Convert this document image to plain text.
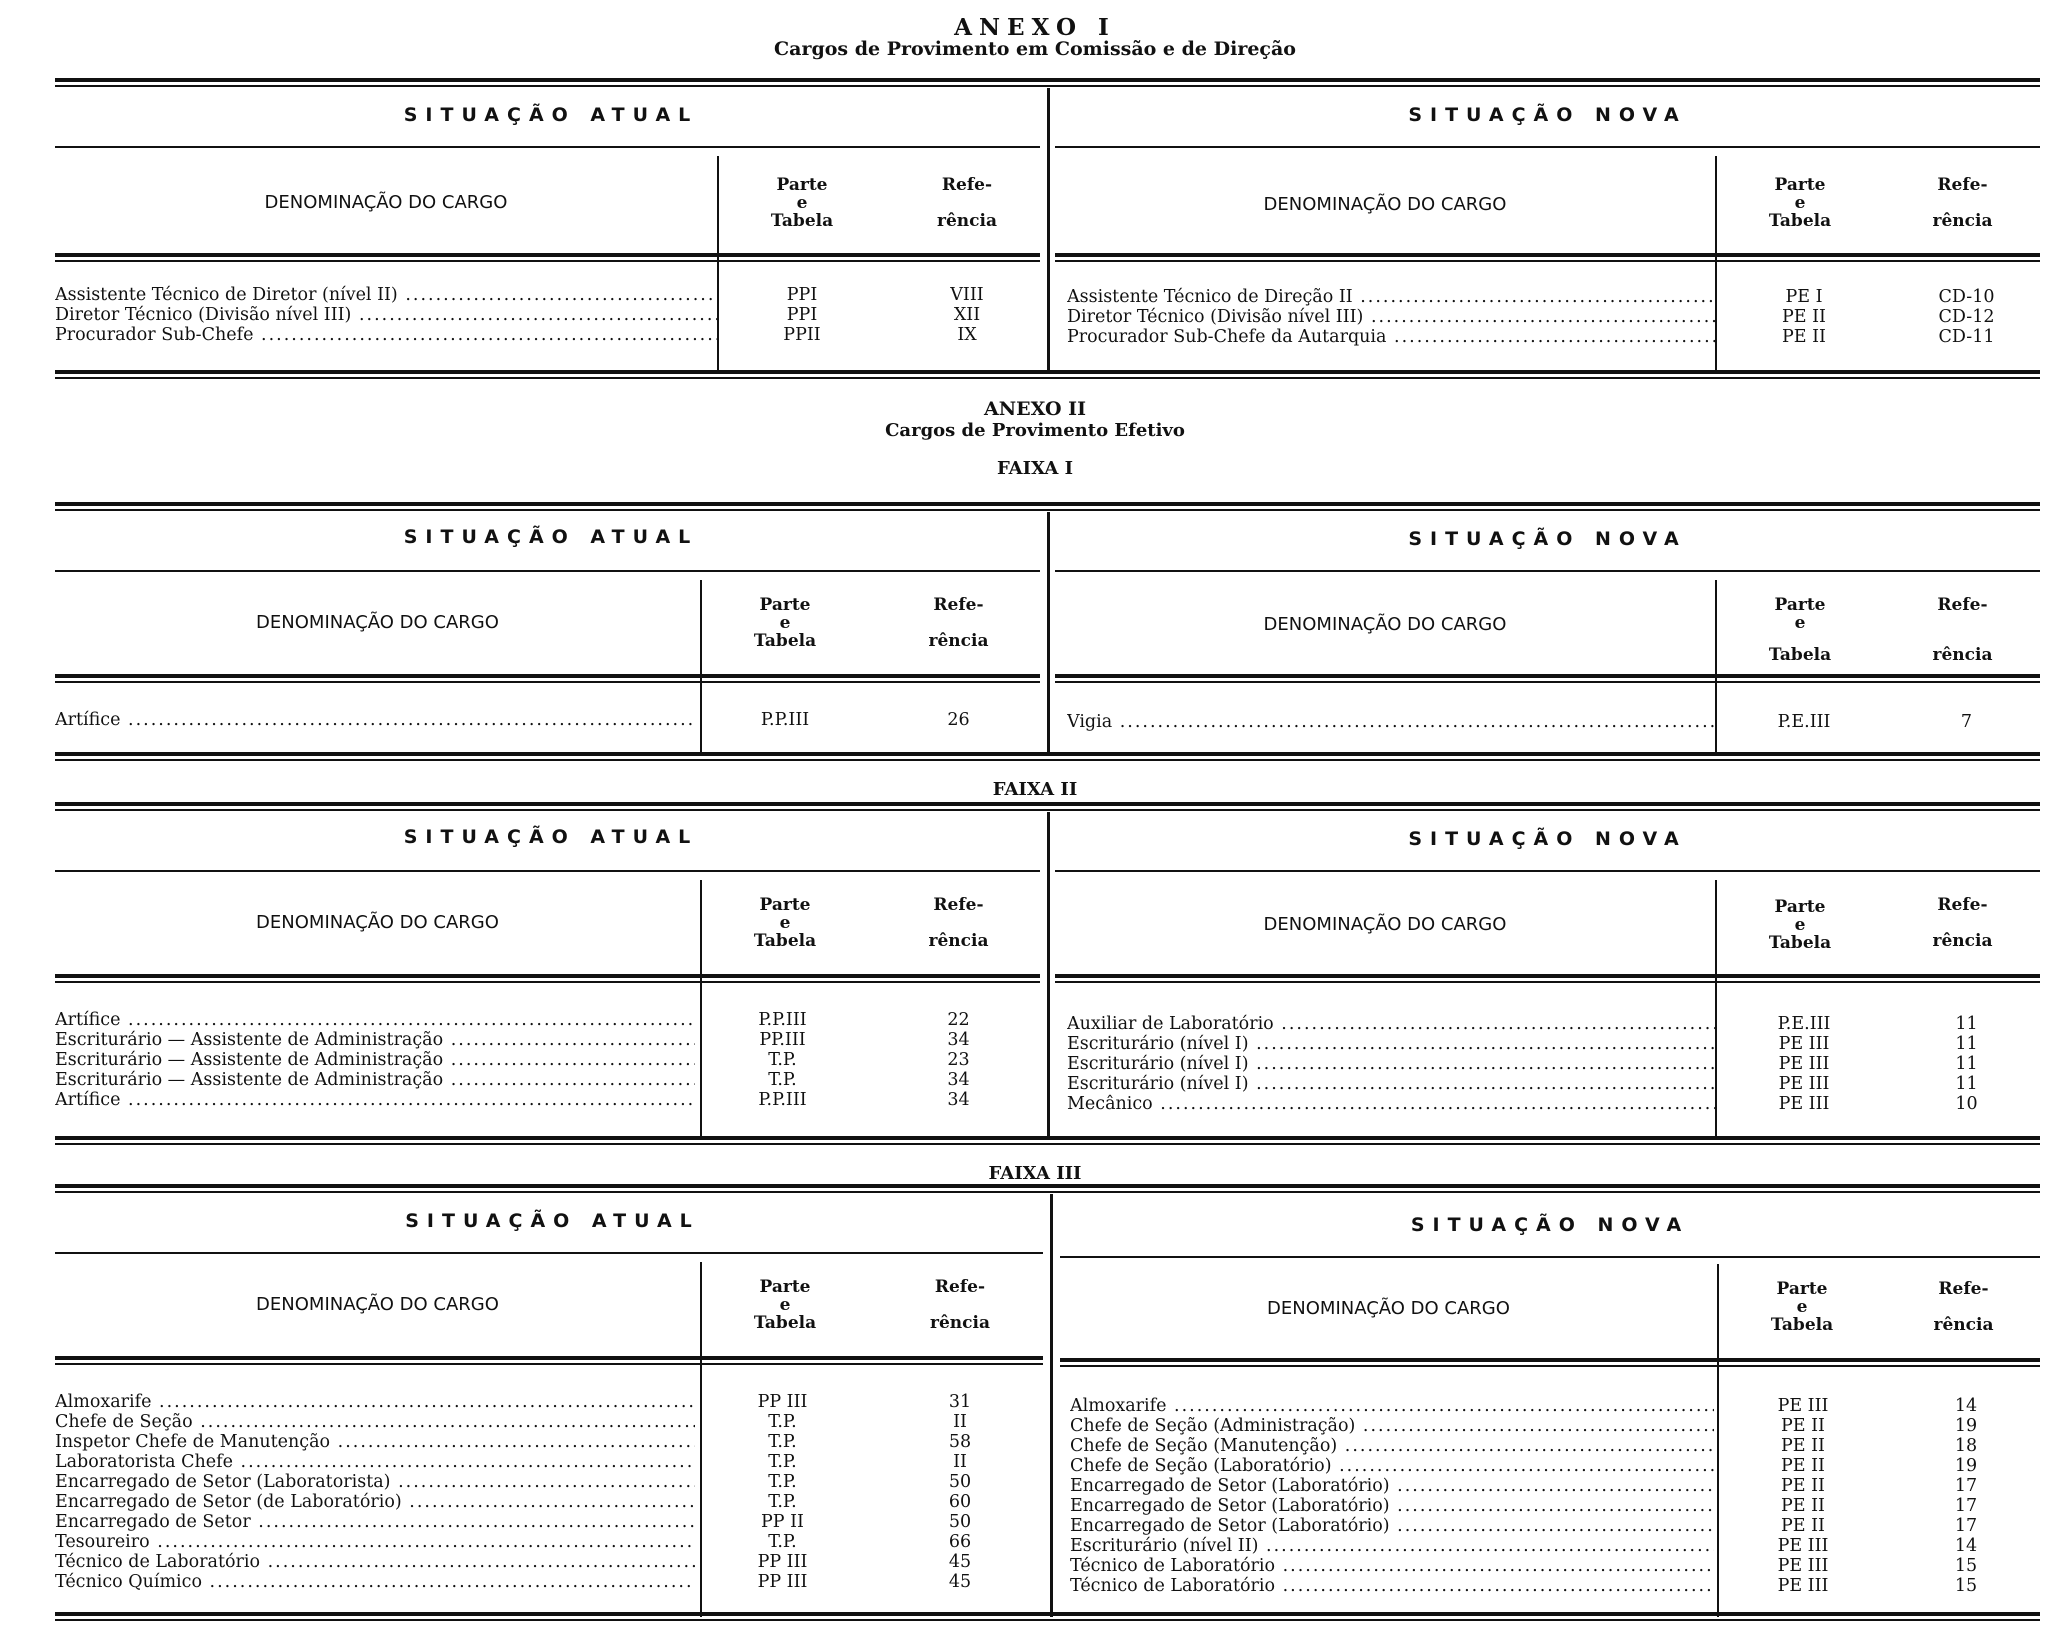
ANEXO I
Cargos de Provimento em Comissão e de Direção
ANEXO II
Cargos de Provimento Efetivo
FAIXA I
FAIXA II
FAIXA III
SITUAÇÃO ATUAL	SITUAÇÃO NOVA
DENOMINAÇÃO DO CARGO
Parte
e
Tabela
Refe-
rência
DENOMINAÇÃO DO CARGO
Parte
e
Tabela
Refe-
rência
Assistente Técnico de Diretor (nível II) .....	PPI	VIII
Diretor Técnico (Divisão nível III) .....	PPI	XII
Procurador Sub-Chefe .....	PPII	IX
Assistente Técnico de Direção II .....	PE I	CD-10
Diretor Técnico (Divisão nível III) .....	PE II	CD-12
Procurador Sub-Chefe da Autarquia .....	PE II	CD-11
SITUAÇÃO ATUAL	SITUAÇÃO NOVA
DENOMINAÇÃO DO CARGO
Parte
e
Tabela
Refe-
rência
DENOMINAÇÃO DO CARGO
Parte
e
Tabela
Refe-
rência
Artífice .....	P.P.III	26	Vigia .....	P.E.III	7
SITUAÇÃO ATUAL	SITUAÇÃO NOVA
DENOMINAÇÃO DO CARGO
Parte
e
Tabela
Refe-
rência
DENOMINAÇÃO DO CARGO
Parte
e
Tabela
Refe-
rência
Artífice .....	P.P.III	22
Escriturário — Assistente de Administração .....	PP.III	34
Escriturário — Assistente de Administração .....	T.P.	23
Escriturário — Assistente de Administração .....	T.P.	34
Artífice .....	P.P.III	34
Auxiliar de Laboratório .....	P.E.III	11
Escriturário (nível I) .....	PE III	11
Escriturário (nível I) .....	PE III	11
Escriturário (nível I) .....	PE III	11
Mecânico .....	PE III	10
SITUAÇÃO ATUAL	SITUAÇÃO NOVA
DENOMINAÇÃO DO CARGO
Parte
e
Tabela
Refe-
rência
DENOMINAÇÃO DO CARGO
Parte
e
Tabela
Refe-
rência
Almoxarife .....	PP III	31
Chefe de Seção .....	T.P.	II
Inspetor Chefe de Manutenção .....	T.P.	58
Laboratorista Chefe .....	T.P.	II
Encarregado de Setor (Laboratorista) .....	T.P.	50
Encarregado de Setor (de Laboratório) .....	T.P.	60
Encarregado de Setor .....	PP II	50
Tesoureiro .....	T.P.	66
Técnico de Laboratório .....	PP III	45
Técnico Químico .....	PP III	45
Almoxarife .....	PE III	14
Chefe de Seção (Administração) .....	PE II	19
Chefe de Seção (Manutenção) .....	PE II	18
Chefe de Seção (Laboratório) .....	PE II	19
Encarregado de Setor (Laboratório) .....	PE II	17
Encarregado de Setor (Laboratório) .....	PE II	17
Encarregado de Setor (Laboratório) .....	PE II	17
Escriturário (nível II) .....	PE III	14
Técnico de Laboratório .....	PE III	15
Técnico de Laboratório .....	PE III	15
